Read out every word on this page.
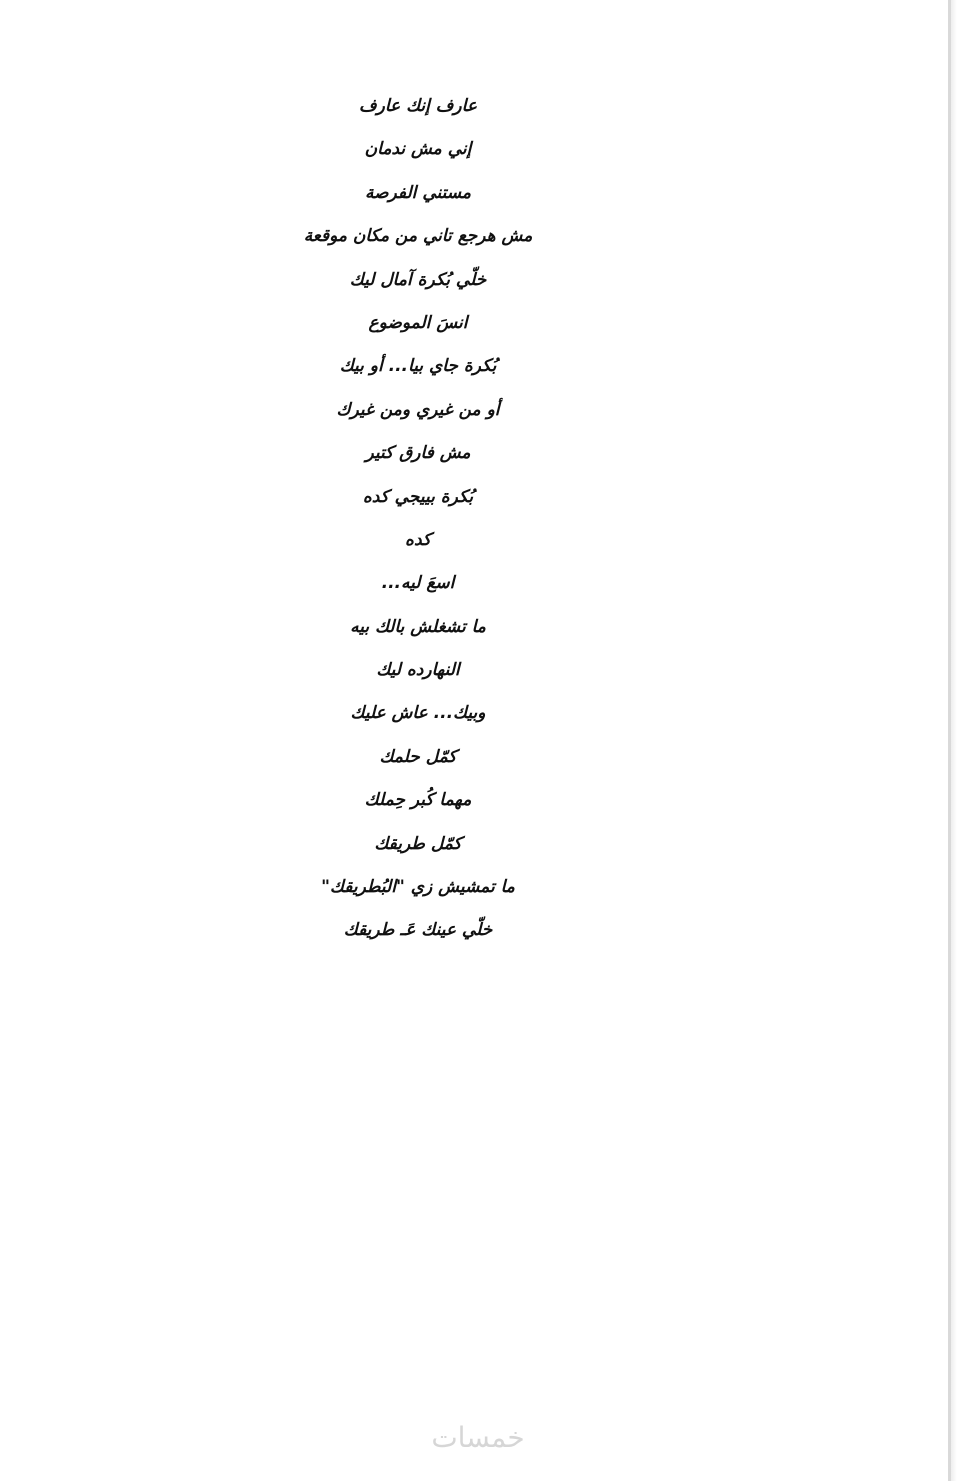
عارف إنك عارف
إني مش ندمان
مستني الفرصة
مش هرجع تاني من مكان موقعة
خلّي بُكرة آمال ليك
انسَ الموضوع
بُكرة جاي بيا... أو بيك
أو من غيري ومن غيرك
مش فارق كتير
بُكرة بييجي كده
كده
اسعَ ليه...
ما تشغلش بالك بيه
النهارده ليك
وبيك... عاش عليك
كمّل حلمك
مهما كُبر حِملك
كمّل طريقك
ما تمشيش زي "البُطريقك"
خلّي عينك عَـ طريقك
خمسات
